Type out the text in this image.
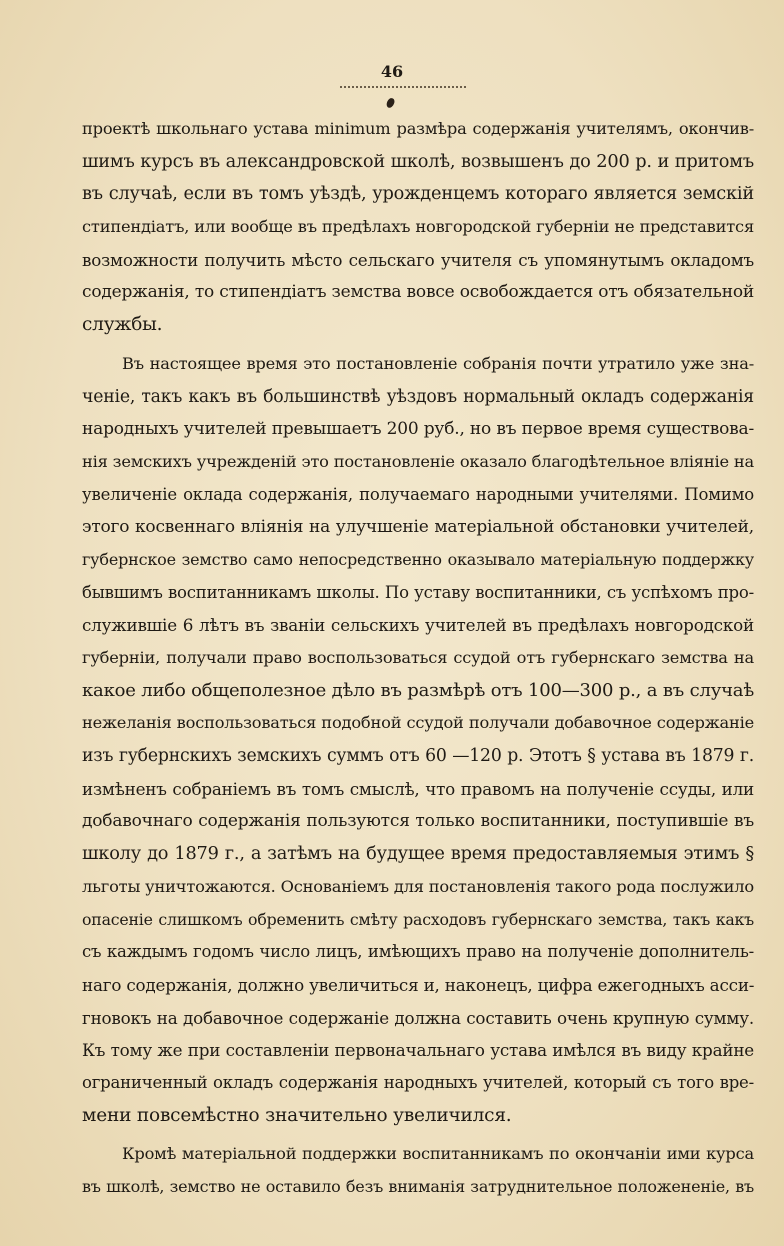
46
проектѣ школьнаго устава minimum размѣра содержанія учителямъ, окончив-
шимъ курсъ въ александровской школѣ, возвышенъ до 200 р. и притомъ
въ случаѣ, если въ томъ уѣздѣ, урожденцемъ котораго является земскій
стипендіатъ, или вообще въ предѣлахъ новгородской губерніи не представится
возможности получить мѣсто сельскаго учителя съ упомянутымъ окладомъ
содержанія, то стипендіатъ земства вовсе освобождается отъ обязательной
службы.
Въ настоящее время это постановленіе собранія почти утратило уже зна-
ченіе, такъ какъ въ большинствѣ уѣздовъ нормальный окладъ содержанія
народныхъ учителей превышаетъ 200 руб., но въ первое время существова-
нія земскихъ учрежденій это постановленіе оказало благодѣтельное вліяніе на
увеличеніе оклада содержанія, получаемаго народными учителями. Помимо
этого косвеннаго вліянія на улучшеніе матеріальной обстановки учителей,
губернское земство само непосредственно оказывало матеріальную поддержку
бывшимъ воспитанникамъ школы. По уставу воспитанники, съ успѣхомъ про-
служившіе 6 лѣтъ въ званіи сельскихъ учителей въ предѣлахъ новгородской
губерніи, получали право воспользоваться ссудой отъ губернскаго земства на
какое либо общеполезное дѣло въ размѣрѣ отъ 100—300 р., а въ случаѣ
нежеланія воспользоваться подобной ссудой получали добавочное содержаніе
изъ губернскихъ земскихъ суммъ отъ 60 —120 р. Этотъ § устава въ 1879 г.
измѣненъ собраніемъ въ томъ смыслѣ, что правомъ на полученіе ссуды, или
добавочнаго содержанія пользуются только воспитанники, поступившіе въ
школу до 1879 г., а затѣмъ на будущее время предоставляемыя этимъ §
льготы уничтожаются. Основаніемъ для постановленія такого рода послужило
опасеніе слишкомъ обременить смѣту расходовъ губернскаго земства, такъ какъ
съ каждымъ годомъ число лицъ, имѣющихъ право на полученіе дополнитель-
наго содержанія, должно увеличиться и, наконецъ, цифра ежегодныхъ асси-
гновокъ на добавочное содержаніе должна составить очень крупную сумму.
Къ тому же при составленіи первоначальнаго устава имѣлся въ виду крайне
ограниченный окладъ содержанія народныхъ учителей, который съ того вре-
мени повсемѣстно значительно увеличился.
Кромѣ матеріальной поддержки воспитанникамъ по окончаніи ими курса
въ школѣ, земство не оставило безъ вниманія затруднительное положененіе, въ
